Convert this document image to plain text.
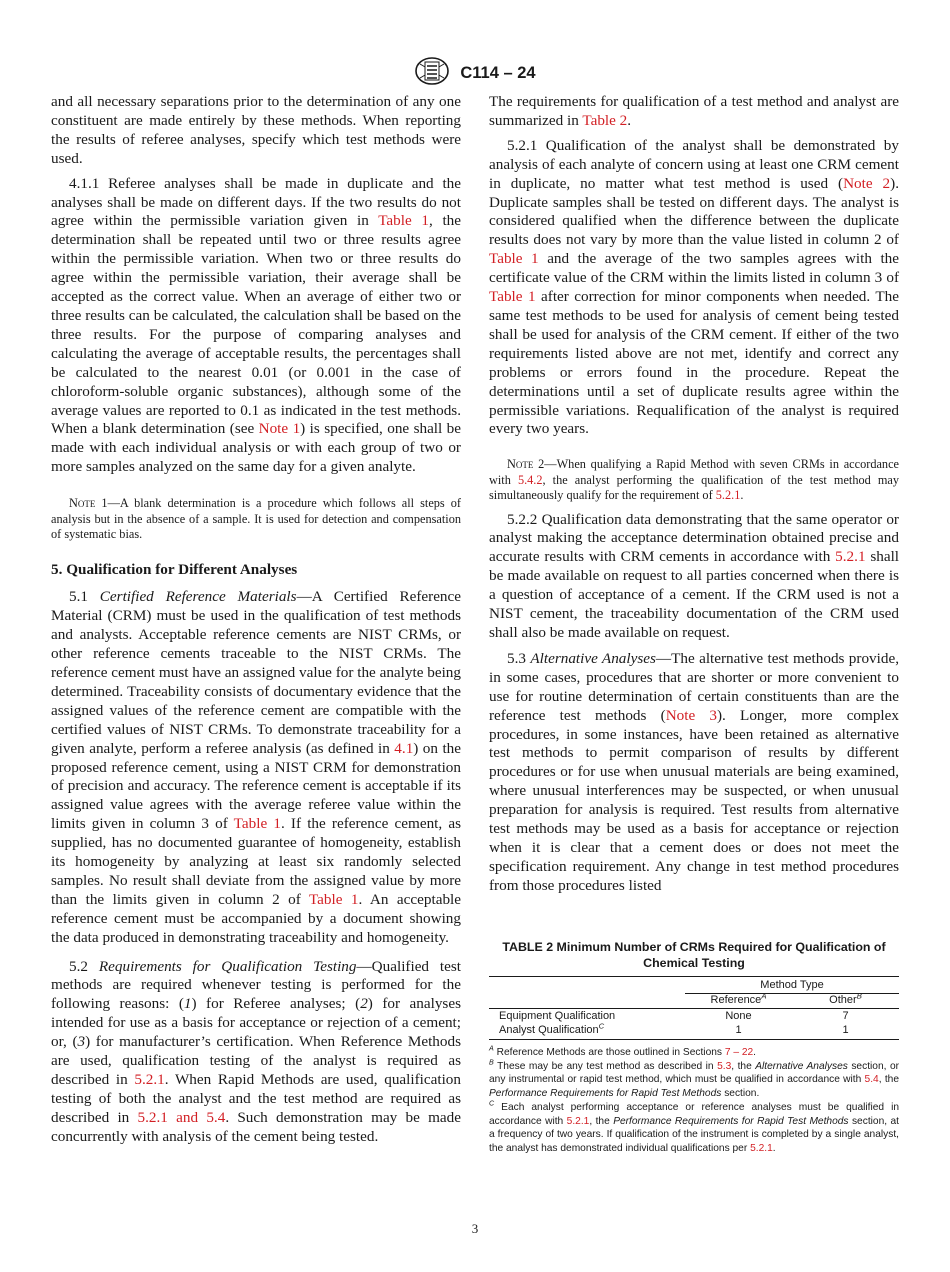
C114 – 24

and all necessary separations prior to the determination of any one constituent are made entirely by these methods. When reporting the results of referee analyses, specify which test methods were used.

4.1.1 Referee analyses shall be made in duplicate and the analyses shall be made on different days. If the two results do not agree within the permissible variation given in Table 1, the determination shall be repeated until two or three results agree within the permissible variation. When two or three results do agree within the permissible variation, their average shall be accepted as the correct value. When an average of either two or three results can be calculated, the calculation shall be based on the three results. For the purpose of comparing analyses and calculating the average of acceptable results, the percentages shall be calculated to the nearest 0.01 (or 0.001 in the case of chloroform-soluble organic substances), although some of the average values are reported to 0.1 as indicated in the test methods. When a blank determination (see Note 1) is specified, one shall be made with each individual analysis or with each group of two or more samples analyzed on the same day for a given analyte.

Note 1—A blank determination is a procedure which follows all steps of analysis but in the absence of a sample. It is used for detection and compensation of systematic bias.

5. Qualification for Different Analyses

5.1 Certified Reference Materials—A Certified Reference Material (CRM) must be used in the qualification of test methods and analysts. Acceptable reference cements are NIST CRMs, or other reference cements traceable to the NIST CRMs. The reference cement must have an assigned value for the analyte being determined. Traceability consists of documentary evidence that the assigned values of the reference cement are compatible with the certified values of NIST CRMs. To demonstrate traceability for a given analyte, perform a referee analysis (as defined in 4.1) on the proposed reference cement, using a NIST CRM for demonstration of precision and accuracy. The reference cement is acceptable if its assigned value agrees with the average referee value within the limits given in column 3 of Table 1. If the reference cement, as supplied, has no documented guarantee of homogeneity, establish its homogeneity by analyzing at least six randomly selected samples. No result shall deviate from the assigned value by more than the limits given in column 2 of Table 1. An acceptable reference cement must be accompanied by a document showing the data produced in demonstrating traceability and homogeneity.

5.2 Requirements for Qualification Testing—Qualified test methods are required whenever testing is performed for the following reasons: (1) for Referee analyses; (2) for analyses intended for use as a basis for acceptance or rejection of a cement; or, (3) for manufacturer’s certification. When Reference Methods are used, qualification testing of the analyst is required as described in 5.2.1. When Rapid Methods are used, qualification testing of both the analyst and the test method are required as described in 5.2.1 and 5.4. Such demonstration may be made concurrently with analysis of the cement being tested.

The requirements for qualification of a test method and analyst are summarized in Table 2.

5.2.1 Qualification of the analyst shall be demonstrated by analysis of each analyte of concern using at least one CRM cement in duplicate, no matter what test method is used (Note 2). Duplicate samples shall be tested on different days. The analyst is considered qualified when the difference between the duplicate results does not vary by more than the value listed in column 2 of Table 1 and the average of the two samples agrees with the certificate value of the CRM within the limits listed in column 3 of Table 1 after correction for minor components when needed. The same test methods to be used for analysis of cement being tested shall be used for analysis of the CRM cement. If either of the two requirements listed above are not met, identify and correct any problems or errors found in the procedure. Repeat the determinations until a set of duplicate results agree within the permissible variations. Requalification of the analyst is required every two years.

Note 2—When qualifying a Rapid Method with seven CRMs in accordance with 5.4.2, the analyst performing the qualification of the test method may simultaneously qualify for the requirement of 5.2.1.

5.2.2 Qualification data demonstrating that the same operator or analyst making the acceptance determination obtained precise and accurate results with CRM cements in accordance with 5.2.1 shall be made available on request to all parties concerned when there is a question of acceptance of a cement. If the CRM used is not a NIST cement, the traceability documentation of the CRM used shall also be made available on request.

5.3 Alternative Analyses—The alternative test methods provide, in some cases, procedures that are shorter or more convenient to use for routine determination of certain constituents than are the reference test methods (Note 3). Longer, more complex procedures, in some instances, have been retained as alternative test methods to permit comparison of results by different procedures or for use when unusual materials are being examined, where unusual interferences may be suspected, or when unusual preparation for analysis is required. Test results from alternative test methods may be used as a basis for acceptance or rejection when it is clear that a cement does or does not meet the specification requirement. Any change in test method procedures from those procedures listed

TABLE 2 Minimum Number of CRMs Required for Qualification of
Chemical Testing
Method Type
Reference$^A$	Other$^B$
Equipment Qualification	None	7
Analyst Qualification$^C$	1	1
$^A$ Reference Methods are those outlined in Sections 7 – 22.
$^B$ These may be any test method as described in 5.3, the Alternative Analyses section, or any instrumental or rapid test method, which must be qualified in accordance with 5.4, the Performance Requirements for Rapid Test Methods section.
$^C$ Each analyst performing acceptance or reference analyses must be qualified in accordance with 5.2.1, the Performance Requirements for Rapid Test Methods section, at a frequency of two years. If qualification of the instrument is completed by a single analyst, the analyst has demonstrated individual qualifications per 5.2.1.
3
